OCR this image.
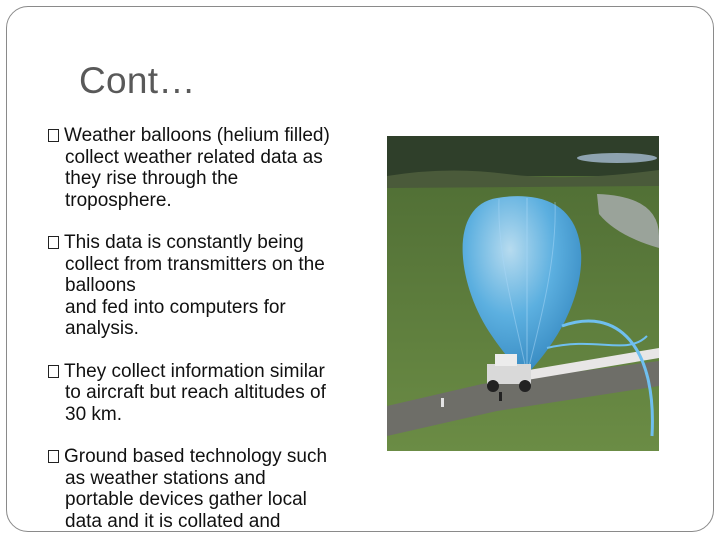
Cont…
Weather balloons (helium filled)
collect weather related data as
they rise through the
troposphere.
This data is constantly being
collect from transmitters on the
balloons
and fed into computers for
analysis.
They collect information similar
to aircraft but reach altitudes of
30 km.
Ground based technology such
as weather stations and
portable devices gather local
data and it is collated and
